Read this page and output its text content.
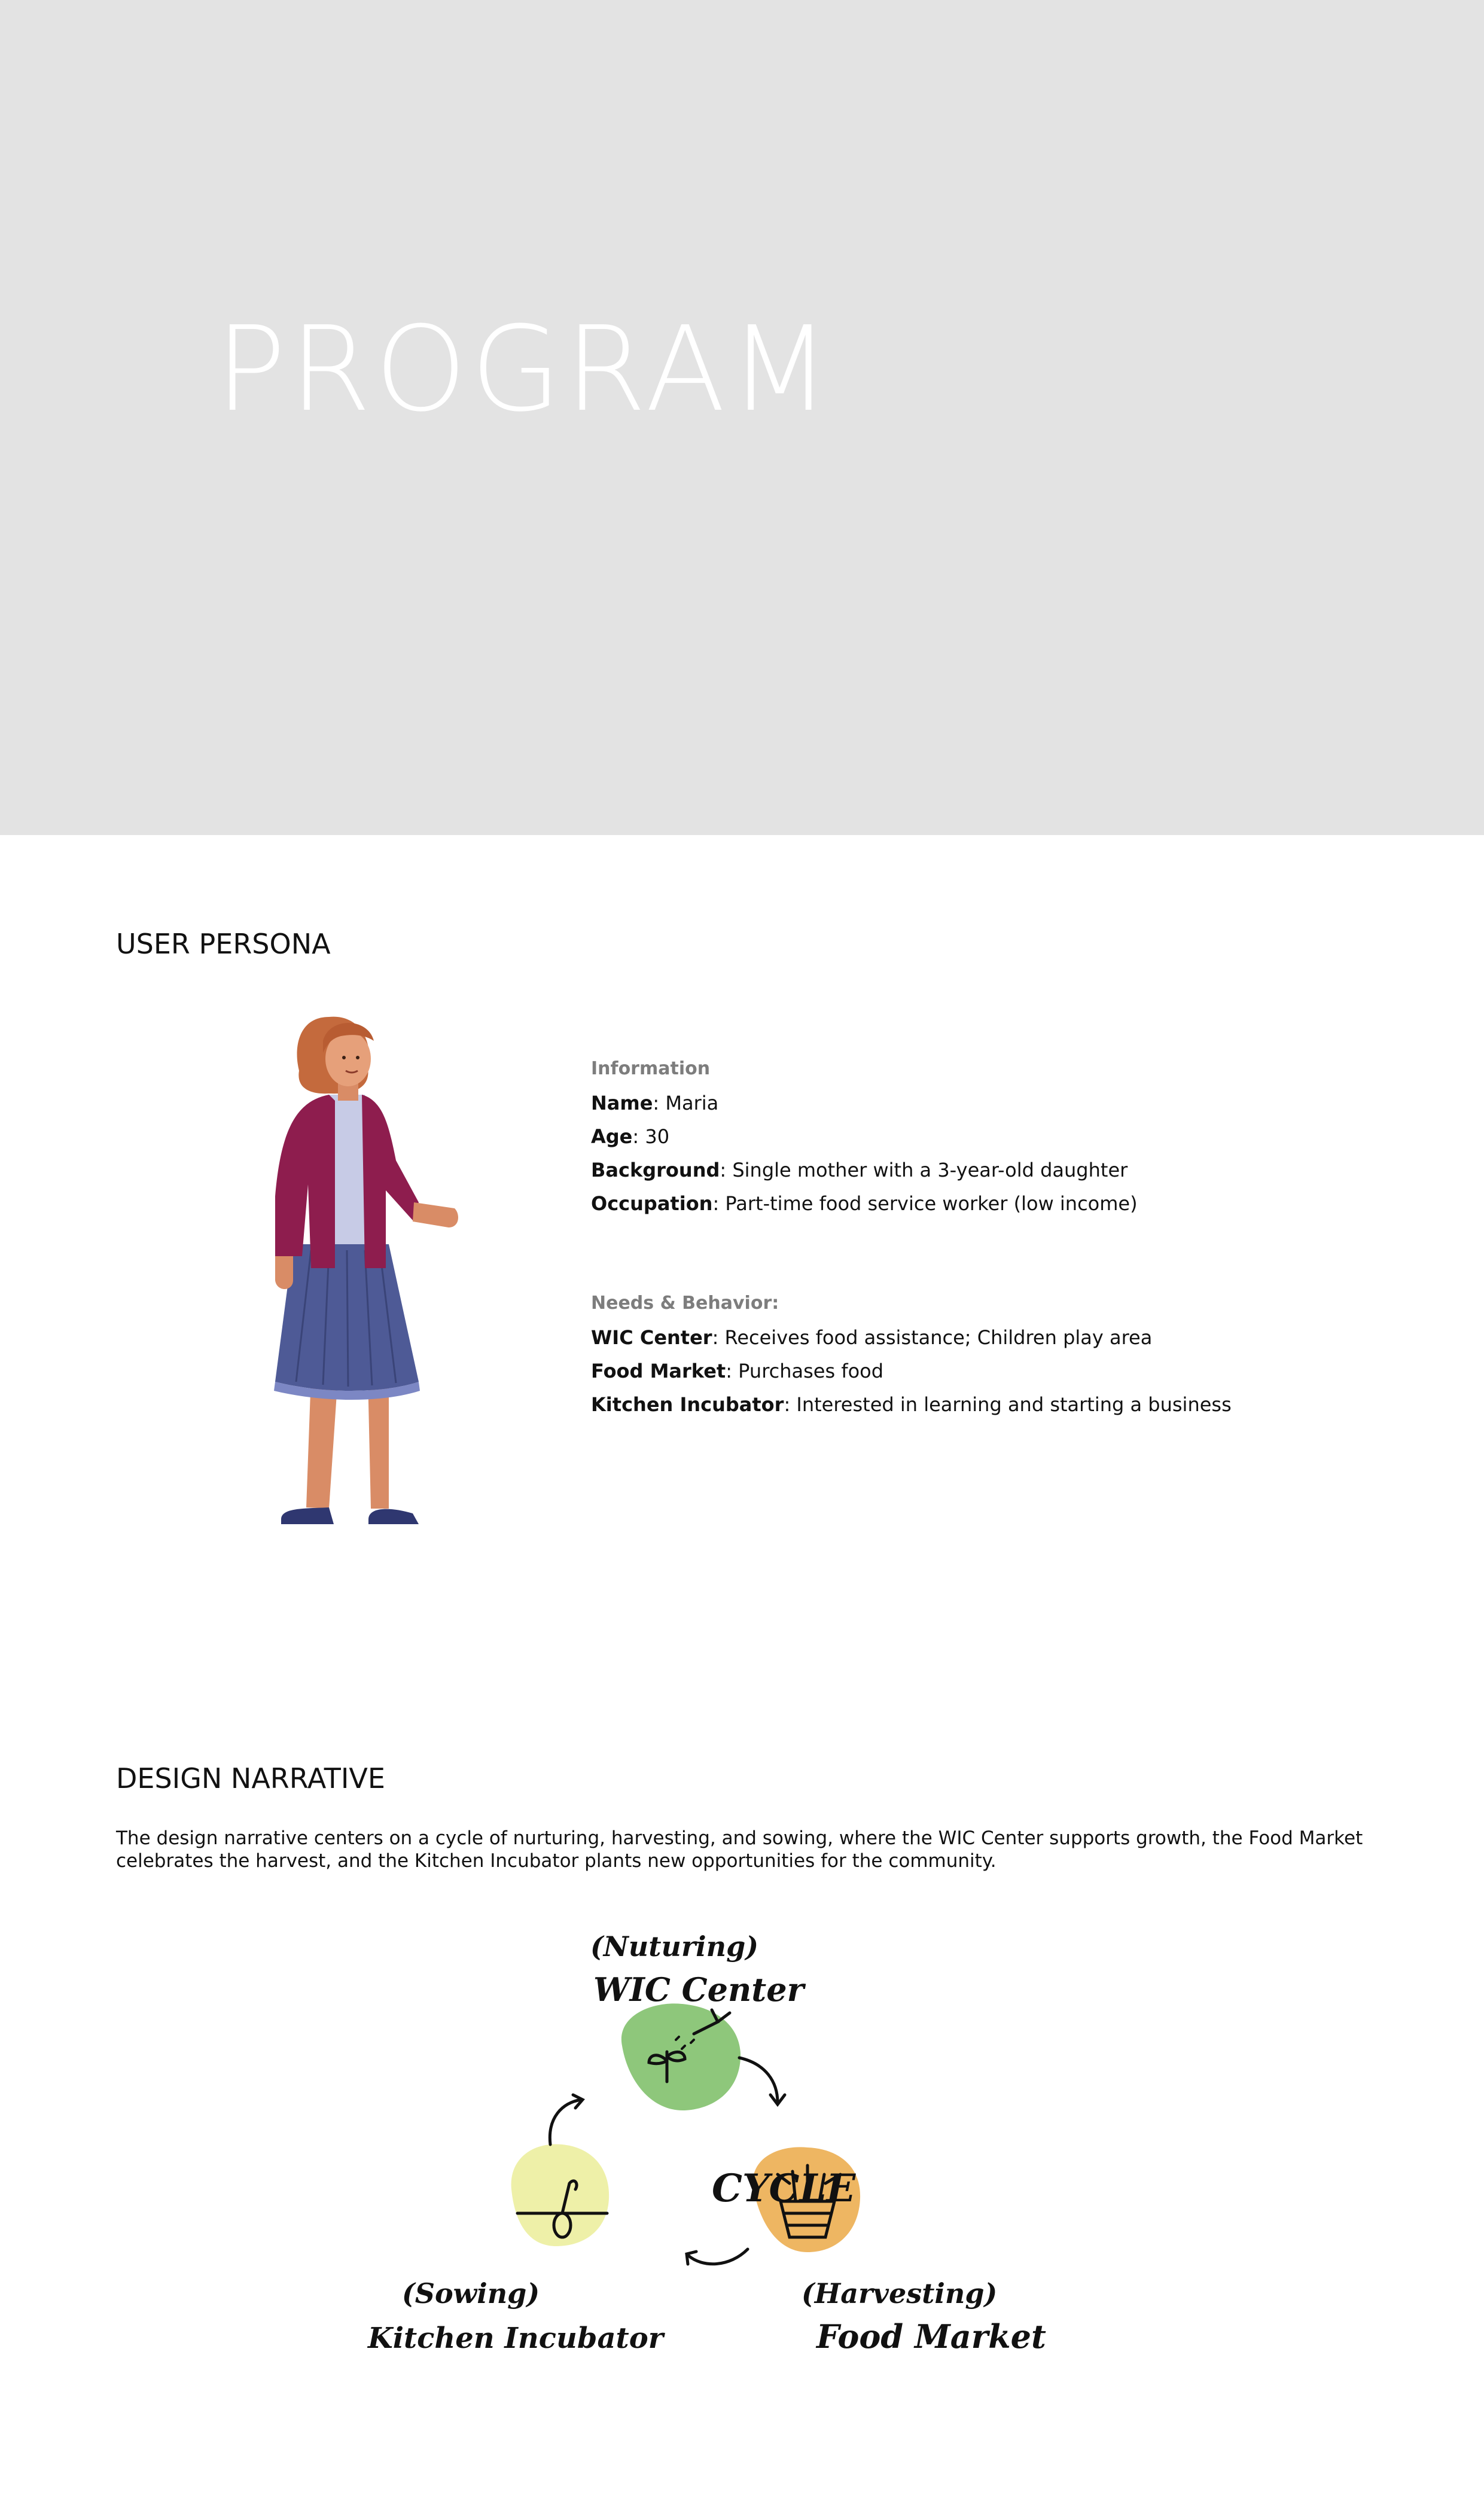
PROGRAM
USER PERSONA
Information
Name: Maria
Age: 30
Background: Single mother with a 3-year-old daughter
Occupation: Part-time food service worker (low income)
Needs & Behavior:
WIC Center: Receives food assistance; Children play area
Food Market: Purchases food
Kitchen Incubator: Interested in learning and starting a business
DESIGN NARRATIVE
The design narrative centers on a cycle of nurturing, harvesting, and sowing, where the WIC Center supports growth, the Food Market celebrates the harvest, and the Kitchen Incubator plants new opportunities for the community.
CYCLE
(Nuturing)
WIC Center
(Harvesting)
Food Market
(Sowing)
Kitchen Incubator
